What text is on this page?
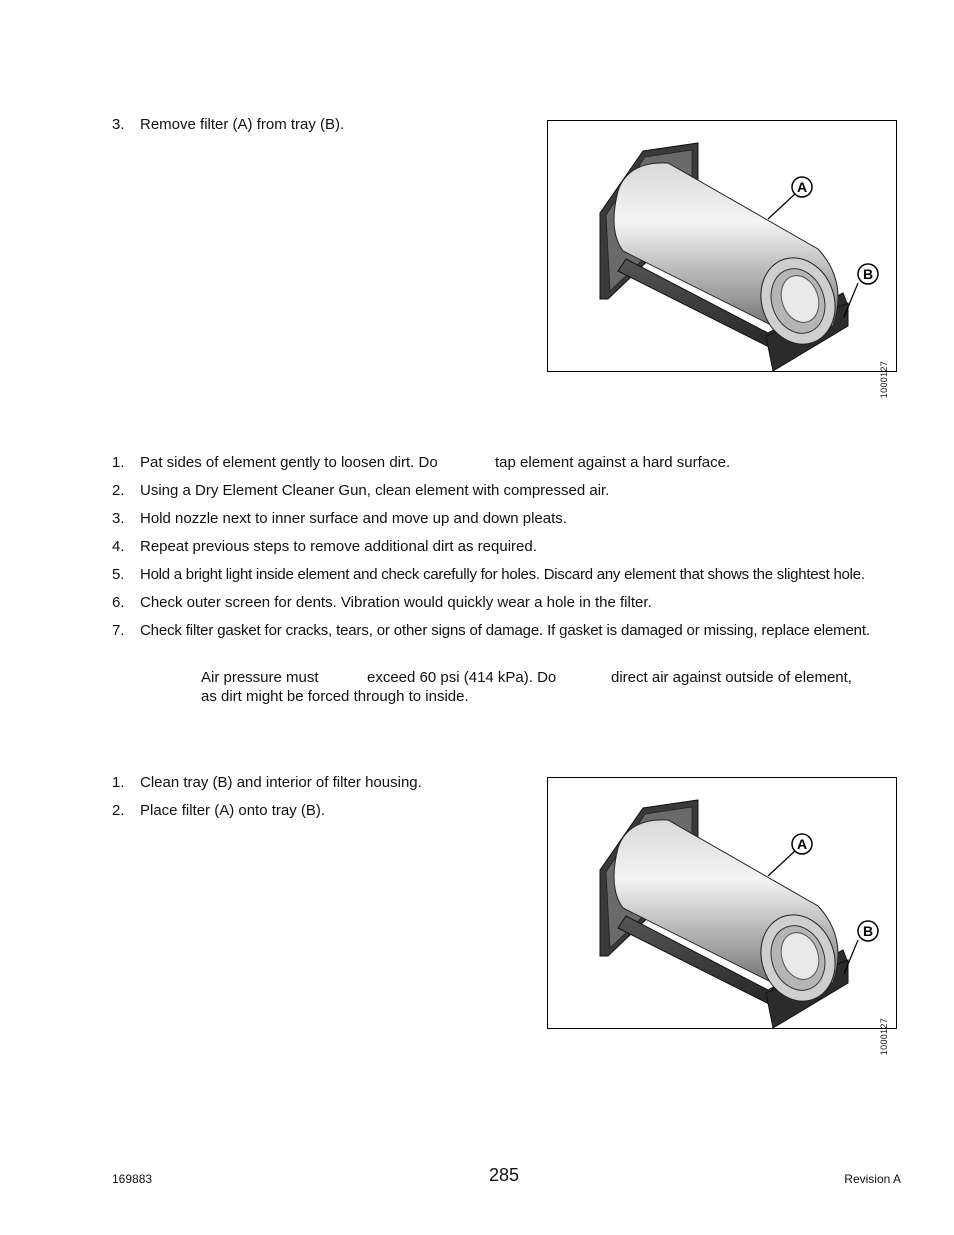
3. Remove filter (A) from tray (B).
A
B
1000127
1. Pat sides of element gently to loosen dirt. Do	tap element against a hard surface.
2. Using a Dry Element Cleaner Gun, clean element with compressed air.
3. Hold nozzle next to inner surface and move up and down pleats.
4. Repeat previous steps to remove additional dirt as required.
5. Hold a bright light inside element and check carefully for holes. Discard any element that shows the slightest hole.
6. Check outer screen for dents. Vibration would quickly wear a hole in the filter.
7. Check filter gasket for cracks, tears, or other signs of damage. If gasket is damaged or missing, replace element.
Air pressure must	exceed 60 psi (414 kPa). Do	direct air against outside of element,
as dirt might be forced through to inside.
1. Clean tray (B) and interior of filter housing.
2. Place filter (A) onto tray (B).
A
B
1000127
169883	285	Revision A
